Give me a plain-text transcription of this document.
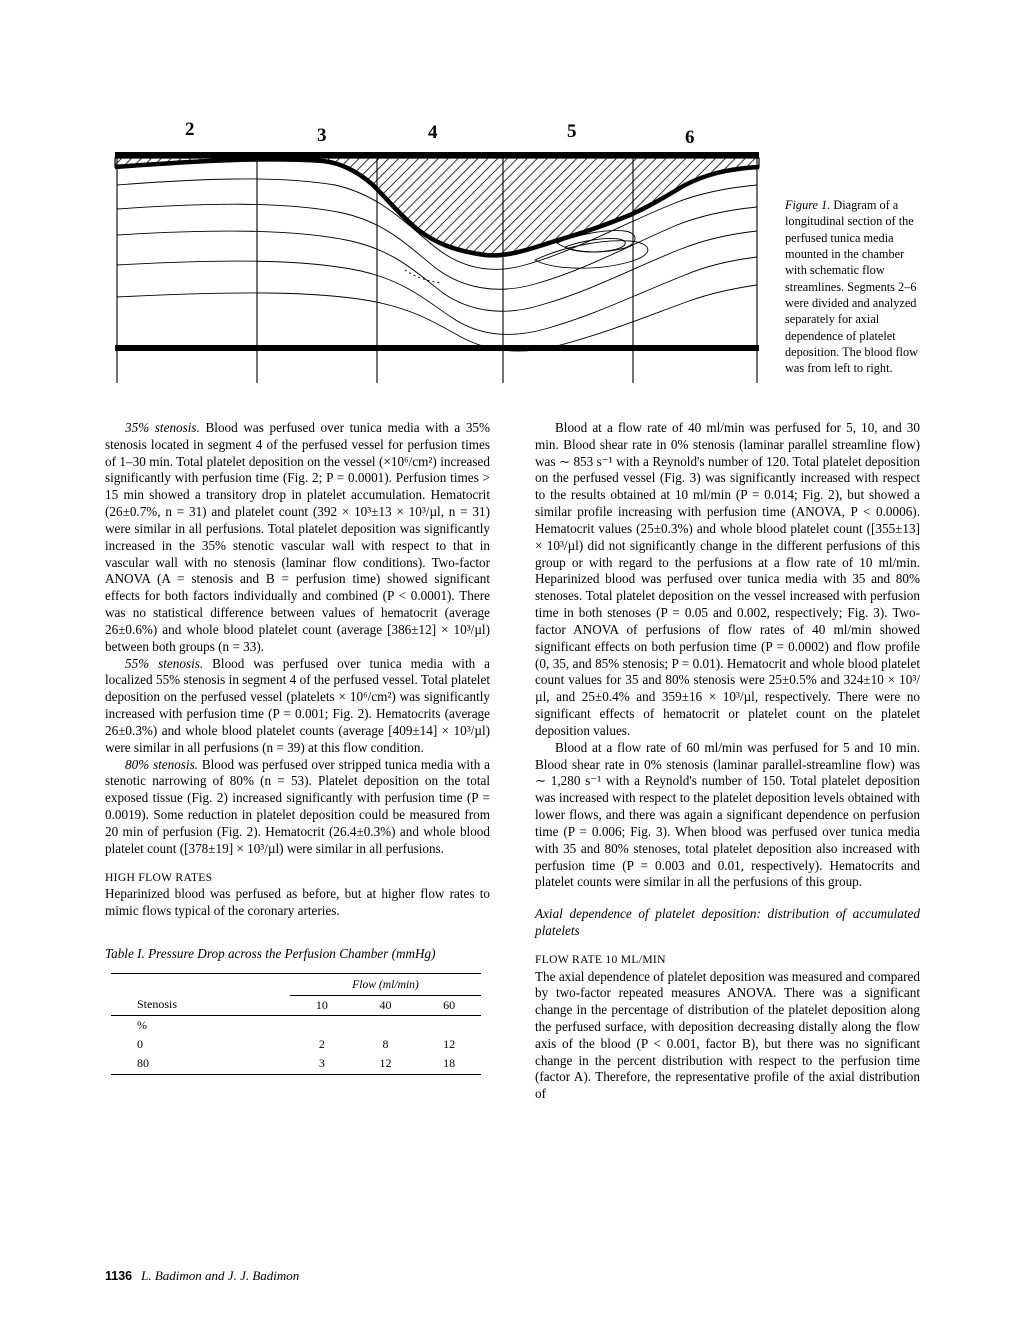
2	3	4	5	6
Figure 1. Diagram of a longitudinal section of the perfused tunica media mounted in the chamber with schematic flow streamlines. Segments 2–6 were divided and analyzed separately for axial dependence of platelet deposition. The blood flow was from left to right.

35% stenosis. Blood was perfused over tunica media with a 35% stenosis located in segment 4 of the perfused vessel for perfusion times of 1–30 min. Total platelet deposition on the vessel (×10⁶/cm²) increased significantly with perfusion time (Fig. 2; P = 0.0001). Perfusion times > 15 min showed a transitory drop in platelet accumulation. Hematocrit (26±0.7%, n = 31) and platelet count (392 × 10³±13 × 10³/µl, n = 31) were similar in all perfusions. Total platelet deposition was significantly increased in the 35% stenotic vascular wall with respect to that in vascular wall with no stenosis (laminar flow conditions). Two-factor ANOVA (A = stenosis and B = perfusion time) showed significant effects for both factors individually and combined (P < 0.0001). There was no statistical difference between values of hematocrit (average 26±0.6%) and whole blood platelet count (average [386±12] × 10³/µl) between both groups (n = 33).

55% stenosis. Blood was perfused over tunica media with a localized 55% stenosis in segment 4 of the perfused vessel. Total platelet deposition on the perfused vessel (platelets × 10⁶/cm²) was significantly increased with perfusion time (P = 0.001; Fig. 2). Hematocrits (average 26±0.3%) and whole blood platelet counts (average [409±14] × 10³/µl) were similar in all perfusions (n = 39) at this flow condition.

80% stenosis. Blood was perfused over stripped tunica media with a stenotic narrowing of 80% (n = 53). Platelet deposition on the total exposed tissue (Fig. 2) increased significantly with perfusion time (P = 0.0019). Some reduction in platelet deposition could be measured from 20 min of perfusion (Fig. 2). Hematocrit (26.4±0.3%) and whole blood platelet count ([378±19] × 10³/µl) were similar in all perfusions.

HIGH FLOW RATES

Heparinized blood was perfused as before, but at higher flow rates to mimic flows typical of the coronary arteries.

Table I. Pressure Drop across the Perfusion Chamber (mmHg)

	Flow (ml/min)		
Stenosis	10	40	60
%			
0	2	8	12
80	3	12	18

Blood at a flow rate of 40 ml/min was perfused for 5, 10, and 30 min. Blood shear rate in 0% stenosis (laminar parallel streamline flow) was ∼ 853 s⁻¹ with a Reynold's number of 120. Total platelet deposition on the perfused vessel (Fig. 3) was significantly increased with respect to the results obtained at 10 ml/min (P = 0.014; Fig. 2), but showed a similar profile increasing with perfusion time (ANOVA, P < 0.0006). Hematocrit values (25±0.3%) and whole blood platelet count ([355±13] × 10³/µl) did not significantly change in the different perfusions of this group or with regard to the perfusions at a flow rate of 10 ml/min. Heparinized blood was perfused over tunica media with 35 and 80% stenoses. Total platelet deposition on the vessel increased with perfusion time in both stenoses (P = 0.05 and 0.002, respectively; Fig. 3). Two-factor ANOVA of perfusions of flow rates of 40 ml/min showed significant effects on both perfusion time (P = 0.0002) and flow profile (0, 35, and 85% stenosis; P = 0.01). Hematocrit and whole blood platelet count values for 35 and 80% stenosis were 25±0.5% and 324±10 × 10³/µl, and 25±0.4% and 359±16 × 10³/µl, respectively. There were no significant effects of hematocrit or platelet count on the platelet deposition values.

Blood at a flow rate of 60 ml/min was perfused for 5 and 10 min. Blood shear rate in 0% stenosis (laminar parallel-streamline flow) was ∼ 1,280 s⁻¹ with a Reynold's number of 150. Total platelet deposition was increased with respect to the platelet deposition levels obtained with lower flows, and there was again a significant dependence on perfusion time (P = 0.006; Fig. 3). When blood was perfused over tunica media with 35 and 80% stenoses, total platelet deposition also increased with perfusion time (P = 0.003 and 0.01, respectively). Hematocrits and platelet counts were similar in all the perfusions of this group.

Axial dependence of platelet deposition: distribution of accumulated platelets

FLOW RATE 10 ML/MIN

The axial dependence of platelet deposition was measured and compared by two-factor repeated measures ANOVA. There was a significant change in the percentage of distribution of the platelet deposition along the perfused surface, with deposition decreasing distally along the flow axis of the blood (P < 0.001, factor B), but there was no significant change in the percent distribution with respect to the perfusion time (factor A). Therefore, the representative profile of the axial distribution of

1136 L. Badimon and J. J. Badimon
